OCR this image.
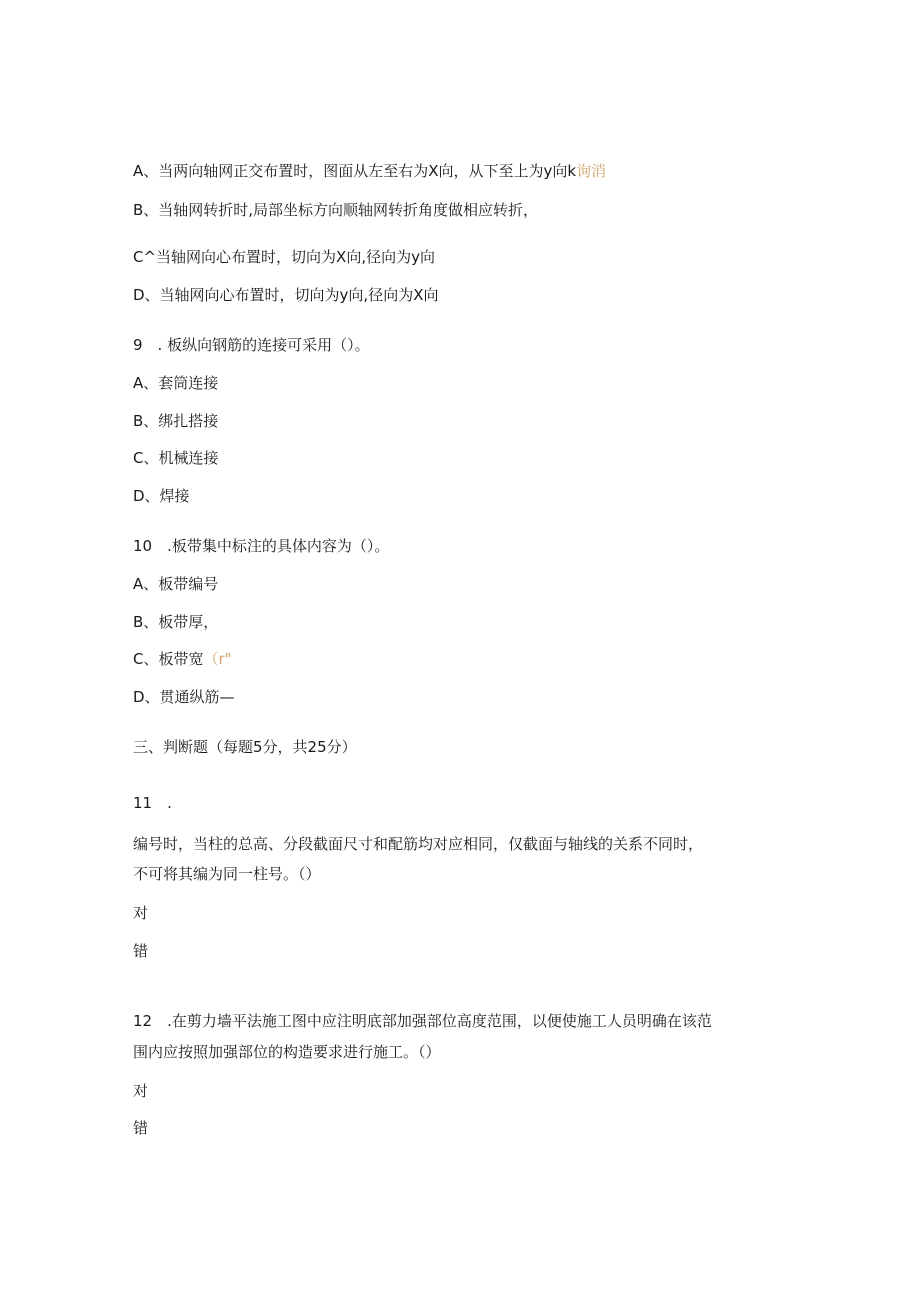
A、当两向轴网正交布置时，图面从左至右为X向，从下至上为y向k询消
B、当轴网转折时,局部坐标方向顺轴网转折角度做相应转折，
C^当轴网向心布置时，切向为X向,径向为y向
D、当轴网向心布置时，切向为y向,径向为X向
9　. 板纵向钢筋的连接可采用（）。
A、套筒连接
B、绑扎搭接
C、机械连接
D、焊接
10　.板带集中标注的具体内容为（）。
A、板带编号
B、板带厚，
C、板带宽（r"
D、贯通纵筋—
三、判断题（每题5分，共25分）
11　.
编号时，当柱的总高、分段截面尺寸和配筋均对应相同，仅截面与轴线的关系不同时，
不可将其编为同一柱号。（）
对
错
12　.在剪力墙平法施工图中应注明底部加强部位高度范围，以便使施工人员明确在该范
围内应按照加强部位的构造要求进行施工。（）
对
错
